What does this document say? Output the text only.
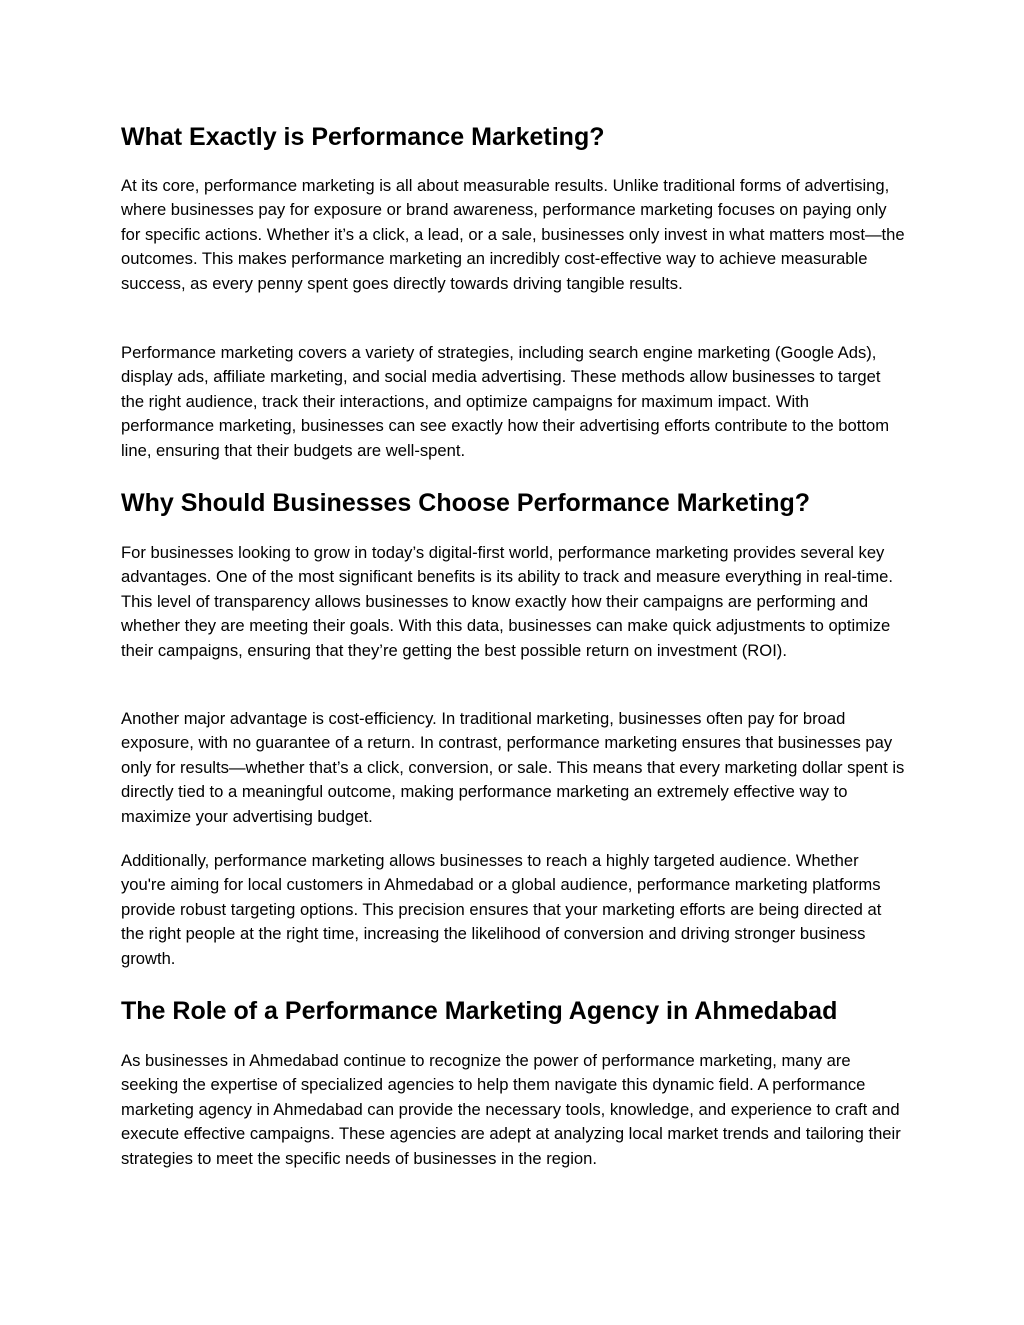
What Exactly is Performance Marketing?

At its core, performance marketing is all about measurable results. Unlike traditional forms of advertising, where businesses pay for exposure or brand awareness, performance marketing focuses on paying only for specific actions. Whether it’s a click, a lead, or a sale, businesses only invest in what matters most—the outcomes. This makes performance marketing an incredibly cost-effective way to achieve measurable success, as every penny spent goes directly towards driving tangible results.

Performance marketing covers a variety of strategies, including search engine marketing (Google Ads), display ads, affiliate marketing, and social media advertising. These methods allow businesses to target the right audience, track their interactions, and optimize campaigns for maximum impact. With performance marketing, businesses can see exactly how their advertising efforts contribute to the bottom line, ensuring that their budgets are well-spent.

Why Should Businesses Choose Performance Marketing?

For businesses looking to grow in today’s digital-first world, performance marketing provides several key advantages. One of the most significant benefits is its ability to track and measure everything in real-time. This level of transparency allows businesses to know exactly how their campaigns are performing and whether they are meeting their goals. With this data, businesses can make quick adjustments to optimize their campaigns, ensuring that they’re getting the best possible return on investment (ROI).

Another major advantage is cost-efficiency. In traditional marketing, businesses often pay for broad exposure, with no guarantee of a return. In contrast, performance marketing ensures that businesses pay only for results—whether that’s a click, conversion, or sale. This means that every marketing dollar spent is directly tied to a meaningful outcome, making performance marketing an extremely effective way to maximize your advertising budget.

Additionally, performance marketing allows businesses to reach a highly targeted audience. Whether you're aiming for local customers in Ahmedabad or a global audience, performance marketing platforms provide robust targeting options. This precision ensures that your marketing efforts are being directed at the right people at the right time, increasing the likelihood of conversion and driving stronger business growth.

The Role of a Performance Marketing Agency in Ahmedabad

As businesses in Ahmedabad continue to recognize the power of performance marketing, many are seeking the expertise of specialized agencies to help them navigate this dynamic field. A performance marketing agency in Ahmedabad can provide the necessary tools, knowledge, and experience to craft and execute effective campaigns. These agencies are adept at analyzing local market trends and tailoring their strategies to meet the specific needs of businesses in the region.
